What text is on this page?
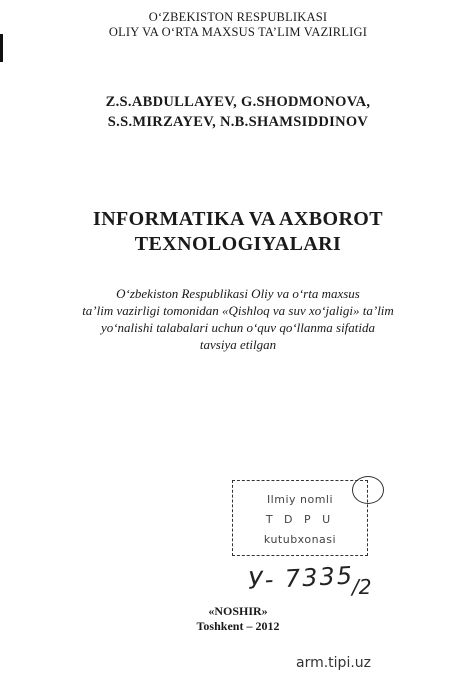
O‘ZBEKISTON RESPUBLIKASI
OLIY VA O‘RTA MAXSUS TA’LIM VAZIRLIGI
Z.S.ABDULLAYEV, G.SHODMONOVA,
S.S.MIRZAYEV, N.B.SHAMSIDDINOV
INFORMATIKA VA AXBOROT
TEXNOLOGIYALARI
O‘zbekiston Respublikasi Oliy va o‘rta maxsus
ta’lim vazirligi tomonidan «Qishloq va suv xo‘jaligi» ta’lim
yo‘nalishi talabalari uchun o‘quv qo‘llanma sifatida
tavsiya etilgan
Ilmiy nomli
T D P U
kutubxonasi
У- 7335
/2
«NOSHIR»
Toshkent – 2012
arm.tipi.uz
